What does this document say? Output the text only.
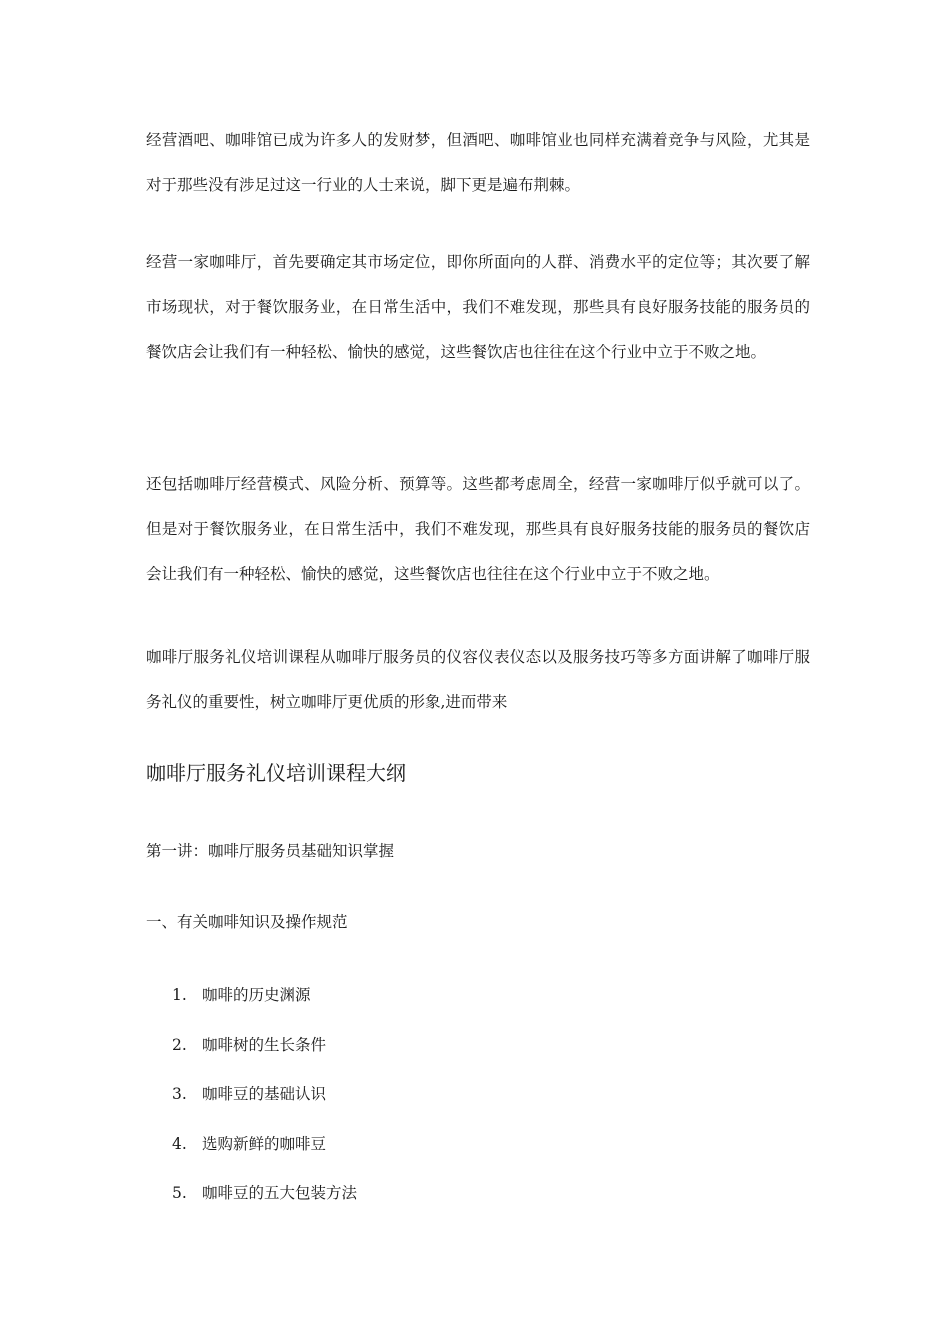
经营酒吧、咖啡馆已成为许多人的发财梦，但酒吧、咖啡馆业也同样充满着竞争与风险，尤其是对于那些没有涉足过这一行业的人士来说，脚下更是遍布荆棘。

经营一家咖啡厅，首先要确定其市场定位，即你所面向的人群、消费水平的定位等；其次要了解市场现状，对于餐饮服务业，在日常生活中，我们不难发现，那些具有良好服务技能的服务员的餐饮店会让我们有一种轻松、愉快的感觉，这些餐饮店也往往在这个行业中立于不败之地。

还包括咖啡厅经营模式、风险分析、预算等。这些都考虑周全，经营一家咖啡厅似乎就可以了。但是对于餐饮服务业，在日常生活中，我们不难发现，那些具有良好服务技能的服务员的餐饮店会让我们有一种轻松、愉快的感觉，这些餐饮店也往往在这个行业中立于不败之地。

咖啡厅服务礼仪培训课程从咖啡厅服务员的仪容仪表仪态以及服务技巧等多方面讲解了咖啡厅服务礼仪的重要性，树立咖啡厅更优质的形象,进而带来

咖啡厅服务礼仪培训课程大纲
第一讲：咖啡厅服务员基础知识掌握
一、有关咖啡知识及操作规范
1. 咖啡的历史渊源
2. 咖啡树的生长条件
3. 咖啡豆的基础认识
4. 选购新鲜的咖啡豆
5. 咖啡豆的五大包装方法
